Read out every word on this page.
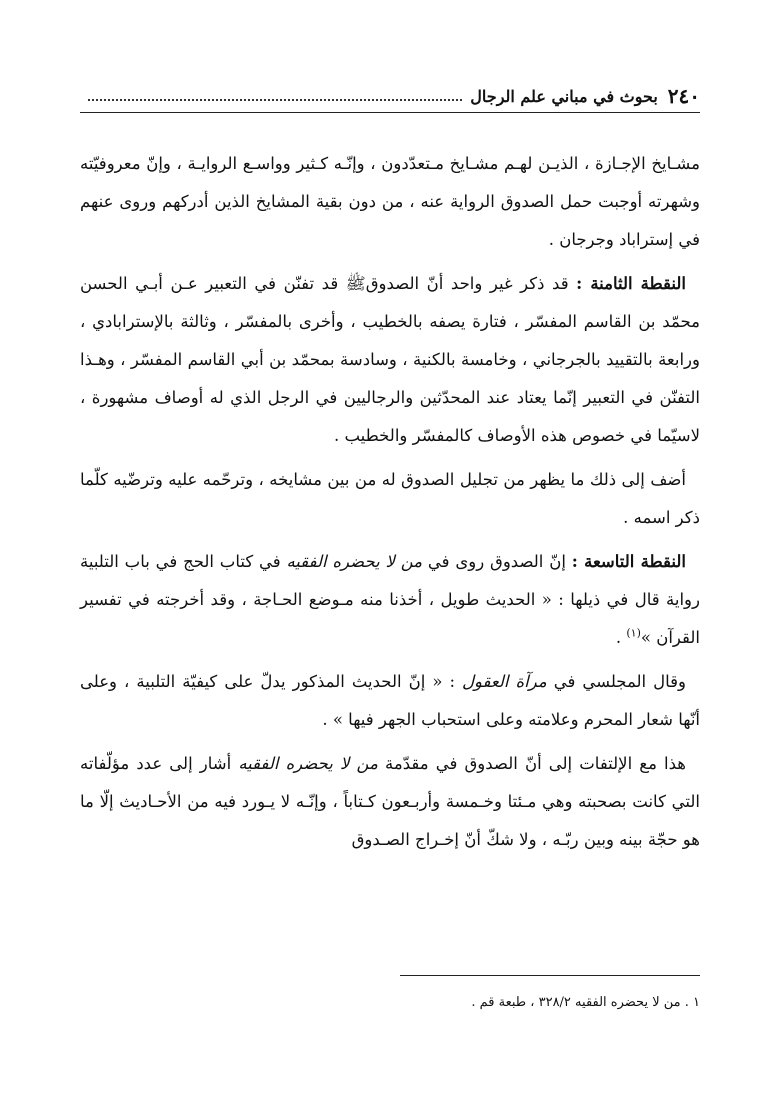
٢٤٠
بحوث في مباني علم الرجال

مشـايخ الإجـازة ، الذيـن لهـم مشـايخ مـتعدّدون ، وإنّـه كـثير وواسـع الروايـة ، وإنّ معروفيّته وشهرته أوجبت حمل الصدوق الرواية عنه ، من دون بقية المشايخ الذين أدركهم وروى عنهم في إستراباد وجرجان .

النقطة الثامنة : قد ذكر غير واحد أنّ الصدوقﷺ قد تفنّن في التعبير عـن أبـي الحسن محمّد بن القاسم المفسّر ، فتارة يصفه بالخطيب ، وأخرى بالمفسّر ، وثالثة بالإسترابادي ، ورابعة بالتقييد بالجرجاني ، وخامسة بالكنية ، وسادسة بمحمّد بن أبي القاسم المفسّر ، وهـذا التفنّن في التعبير إنّما يعتاد عند المحدّثين والرجاليين في الرجل الذي له أوصاف مشهورة ، لاسيّما في خصوص هذه الأوصاف كالمفسّر والخطيب .

أضف إلى ذلك ما يظهر من تجليل الصدوق له من بين مشايخه ، وترحّمه عليه وترضّيه كلّما ذكر اسمه .

النقطة التاسعة : إنّ الصدوق روى في من لا يحضره الفقيه في كتاب الحج في باب التلبية رواية قال في ذيلها : « الحديث طويل ، أخذنا منه مـوضع الحـاجة ، وقد أخرجته في تفسير القرآن »$^{(١)}$ .

وقال المجلسي في مرآة العقول : « إنّ الحديث المذكور يدلّ على كيفيّة التلبية ، وعلى أنّها شعار المحرم وعلامته وعلى استحباب الجهر فيها » .

هذا مع الإلتفات إلى أنّ الصدوق في مقدّمة من لا يحضره الفقيه أشار إلى عدد مؤلّفاته التي كانت بصحبته وهي مـئتا وخـمسة وأربـعون كـتاباً ، وإنّـه لا يـورد فيه من الأحـاديث إلّا ما هو حجّة بينه وبين ربّـه ، ولا شكّ أنّ إخـراج الصـدوق

١ . من لا يحضره الفقيه ٣٢٨/٢ ، طبعة قم .
